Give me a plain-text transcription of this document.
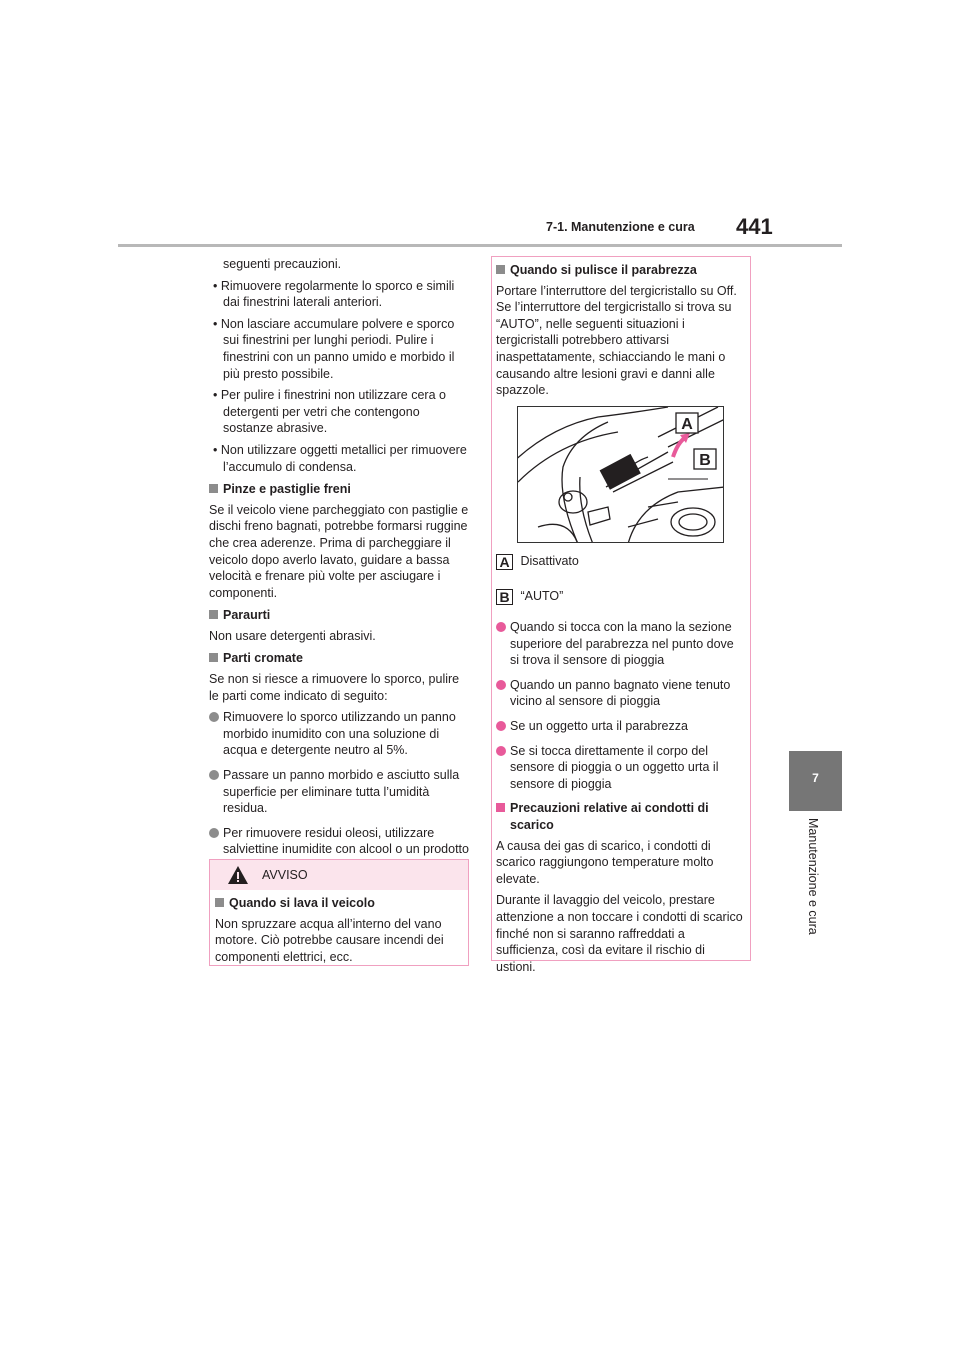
7-1. Manutenzione e cura 441
7
Manutenzione e cura

seguenti precauzioni.

• Rimuovere regolarmente lo sporco e simili dai finestrini laterali anteriori.

• Non lasciare accumulare polvere e sporco sui finestrini per lunghi periodi. Pulire i finestrini con un panno umido e morbido il più presto possibile.

• Per pulire i finestrini non utilizzare cera o detergenti per vetri che contengono sostanze abrasive.

• Non utilizzare oggetti metallici per rimuovere l’accumulo di condensa.

Pinze e pastiglie freni

Se il veicolo viene parcheggiato con pastiglie e dischi freno bagnati, potrebbe formarsi ruggine che crea aderenze. Prima di parcheggiare il veicolo dopo averlo lavato, guidare a bassa velocità e frenare più volte per asciugare i componenti.

Paraurti

Non usare detergenti abrasivi.

Parti cromate

Se non si riesce a rimuovere lo sporco, pulire le parti come indicato di seguito:

Rimuovere lo sporco utilizzando un panno morbido inumidito con una soluzione di acqua e detergente neutro al 5%.
Passare un panno morbido e asciutto sulla superficie per eliminare tutta l’umidità residua.
Per rimuovere residui oleosi, utilizzare salviettine inumidite con alcool o un prodotto
AVVISO
Quando si lava il veicolo

Non spruzzare acqua all’interno del vano motore. Ciò potrebbe causare incendi dei componenti elettrici, ecc.

Quando si pulisce il parabrezza

Portare l’interruttore del tergicristallo su Off. Se l’interruttore del tergicristallo si trova su “AUTO”, nelle seguenti situazioni i tergicristalli potrebbero attivarsi inaspettatamente, schiacciando le mani o causando altre lesioni gravi e danni alle spazzole.

A
B
A Disattivato
B “AUTO”
Quando si tocca con la mano la sezione superiore del parabrezza nel punto dove si trova il sensore di pioggia
Quando un panno bagnato viene tenuto vicino al sensore di pioggia
Se un oggetto urta il parabrezza
Se si tocca direttamente il corpo del sensore di pioggia o un oggetto urta il sensore di pioggia
Precauzioni relative ai condotti di scarico

A causa dei gas di scarico, i condotti di scarico raggiungono temperature molto elevate.

Durante il lavaggio del veicolo, prestare attenzione a non toccare i condotti di scarico finché non si saranno raffreddati a sufficienza, così da evitare il rischio di ustioni.
